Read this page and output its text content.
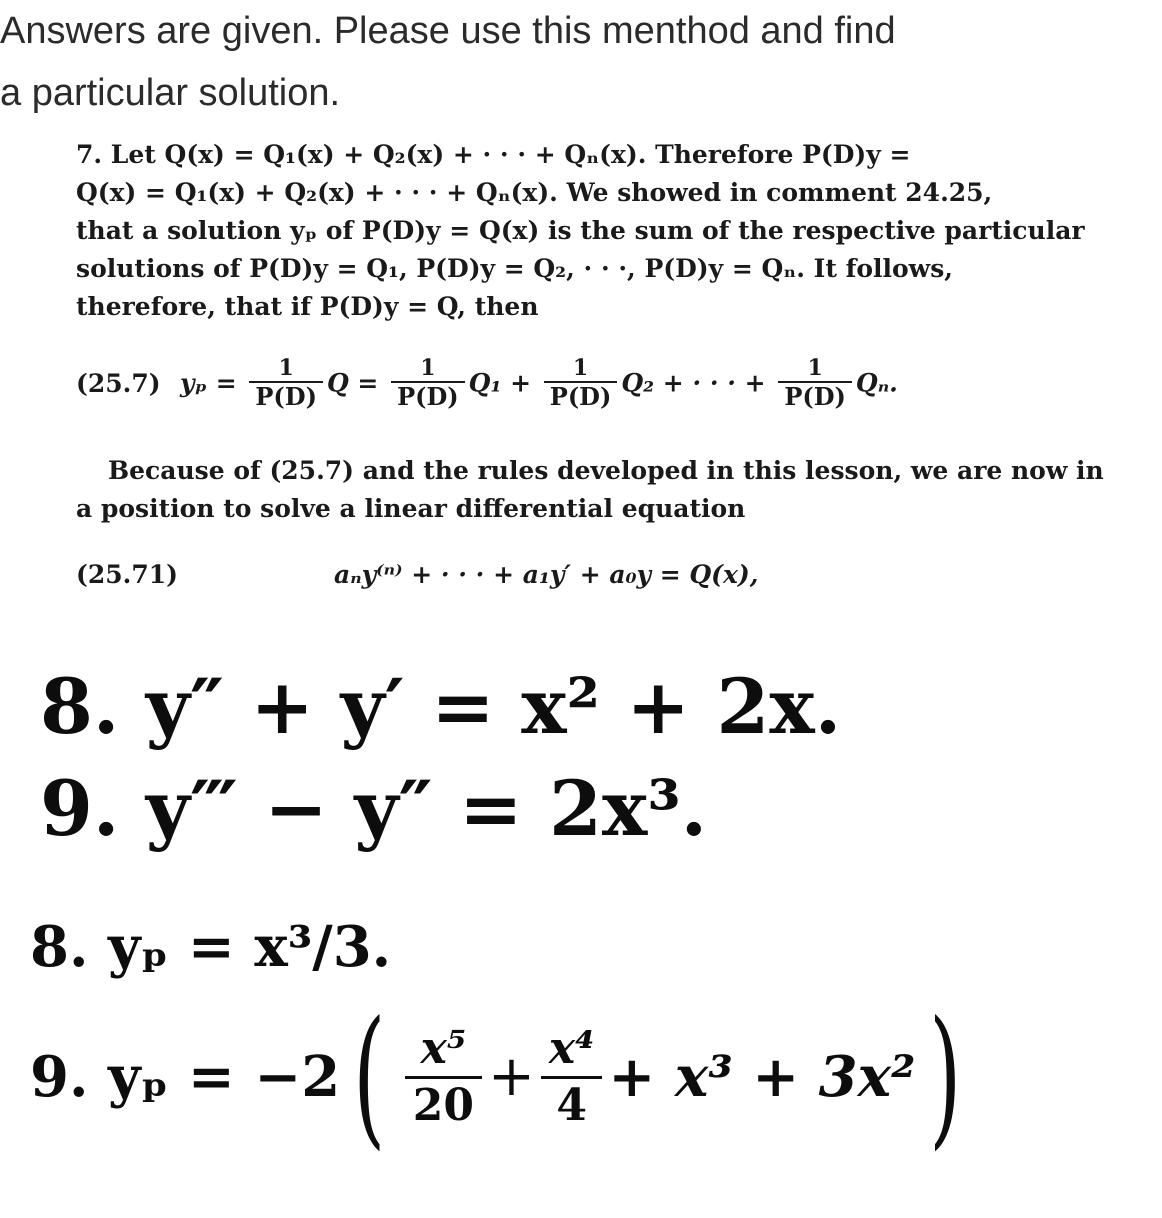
Answers are given. Please use this menthod and find
a particular solution.

7. Let Q(x) = Q₁(x) + Q₂(x) + · · · + Qₙ(x). Therefore P(D)y =
Q(x) = Q₁(x) + Q₂(x) + · · · + Qₙ(x). We showed in comment 24.25,
that a solution yₚ of P(D)y = Q(x) is the sum of the respective particular
solutions of P(D)y = Q₁, P(D)y = Q₂, · · ·, P(D)y = Qₙ. It follows,
therefore, that if P(D)y = Q, then

(25.7) $y_p = \frac{1}{P(D)}$ $Q = \frac{1}{P(D)} Q_1 + \frac{1}{P(D)} Q_2$ + · · · + $\frac{1}{P(D)} Q_n$.

Because of (25.7) and the rules developed in this lesson, we are now in
a position to solve a linear differential equation

(25.71)	aₙy⁽ⁿ⁾ + · · · + a₁y′ + a₀y = Q(x),
8. y″ + y′ = x² + 2x.
9. y‴ − y″ = 2x³.
8. yₚ = x³/3.
9. $y_p = -2( \frac{\text{x⁵}}{20} + \frac{\text{x⁴}}{4} + x^3 + 3x^2)$
